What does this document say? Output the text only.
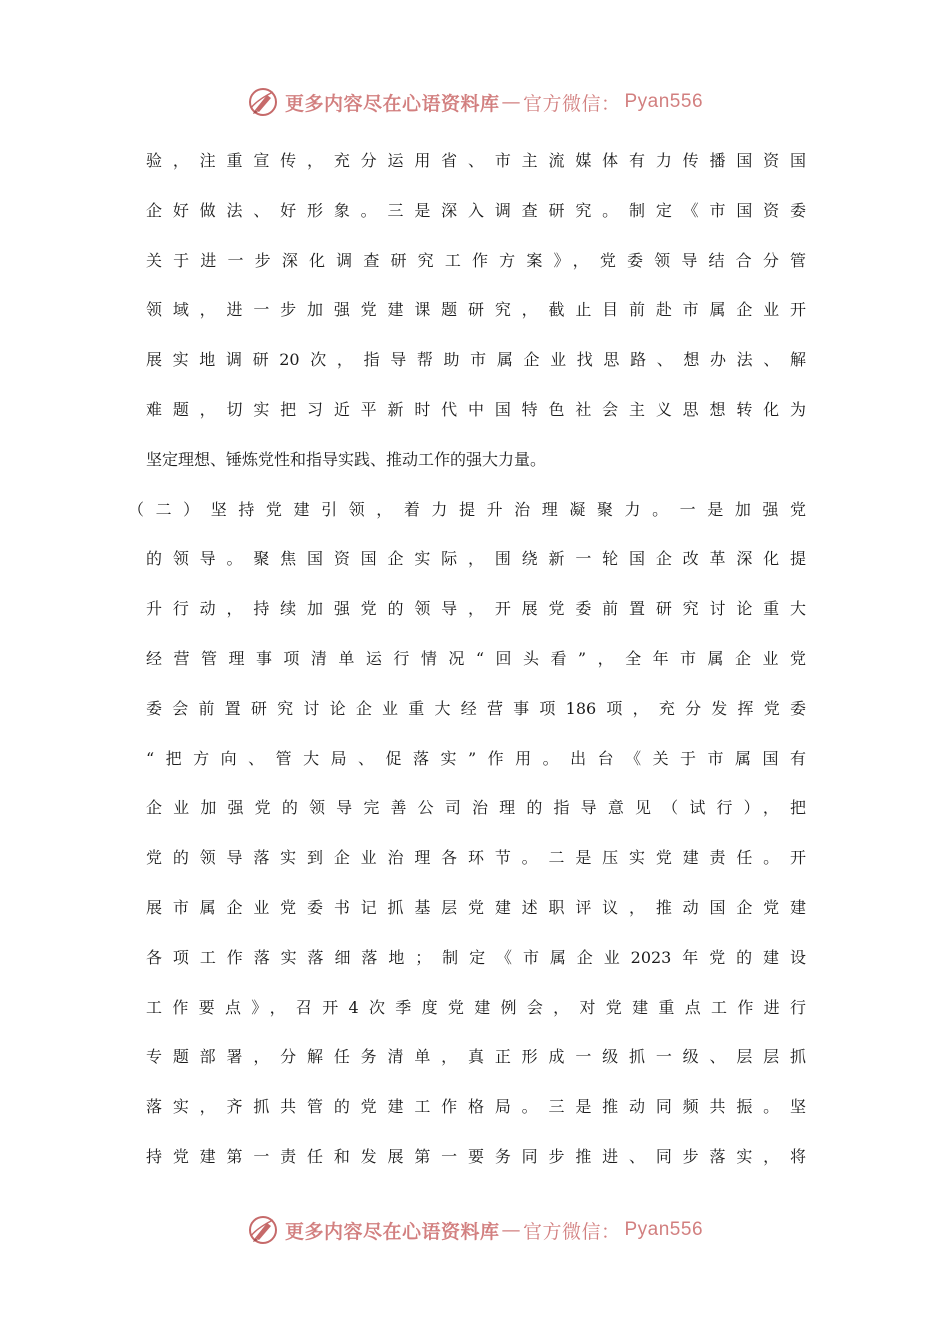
更多内容尽在心语资料库 — 官方微信： Pyan556
验，注重宣传，充分运用省、市主流媒体有力传播国资国
企好做法、好形象。三是深入调查研究。制定《市国资委
关于进一步深化调查研究工作方案》，党委领导结合分管
领域，进一步加强党建课题研究，截止目前赴市属企业开
展实地调研20次，指导帮助市属企业找思路、想办法、解
难题，切实把习近平新时代中国特色社会主义思想转化为
坚定理想、锤炼党性和指导实践、推动工作的强大力量。
（二）坚持党建引领，着力提升治理凝聚力。一是加强党
的领导。聚焦国资国企实际，围绕新一轮国企改革深化提
升行动，持续加强党的领导，开展党委前置研究讨论重大
经营管理事项清单运行情况“回头看”，全年市属企业党
委会前置研究讨论企业重大经营事项186项，充分发挥党委
“把方向、管大局、促落实”作用。出台《关于市属国有
企业加强党的领导完善公司治理的指导意见（试行），把
党的领导落实到企业治理各环节。二是压实党建责任。开
展市属企业党委书记抓基层党建述职评议，推动国企党建
各项工作落实落细落地；制定《市属企业2023年党的建设
工作要点》，召开4次季度党建例会，对党建重点工作进行
专题部署，分解任务清单，真正形成一级抓一级、层层抓
落实，齐抓共管的党建工作格局。三是推动同频共振。坚
持党建第一责任和发展第一要务同步推进、同步落实，将
更多内容尽在心语资料库 — 官方微信： Pyan556
